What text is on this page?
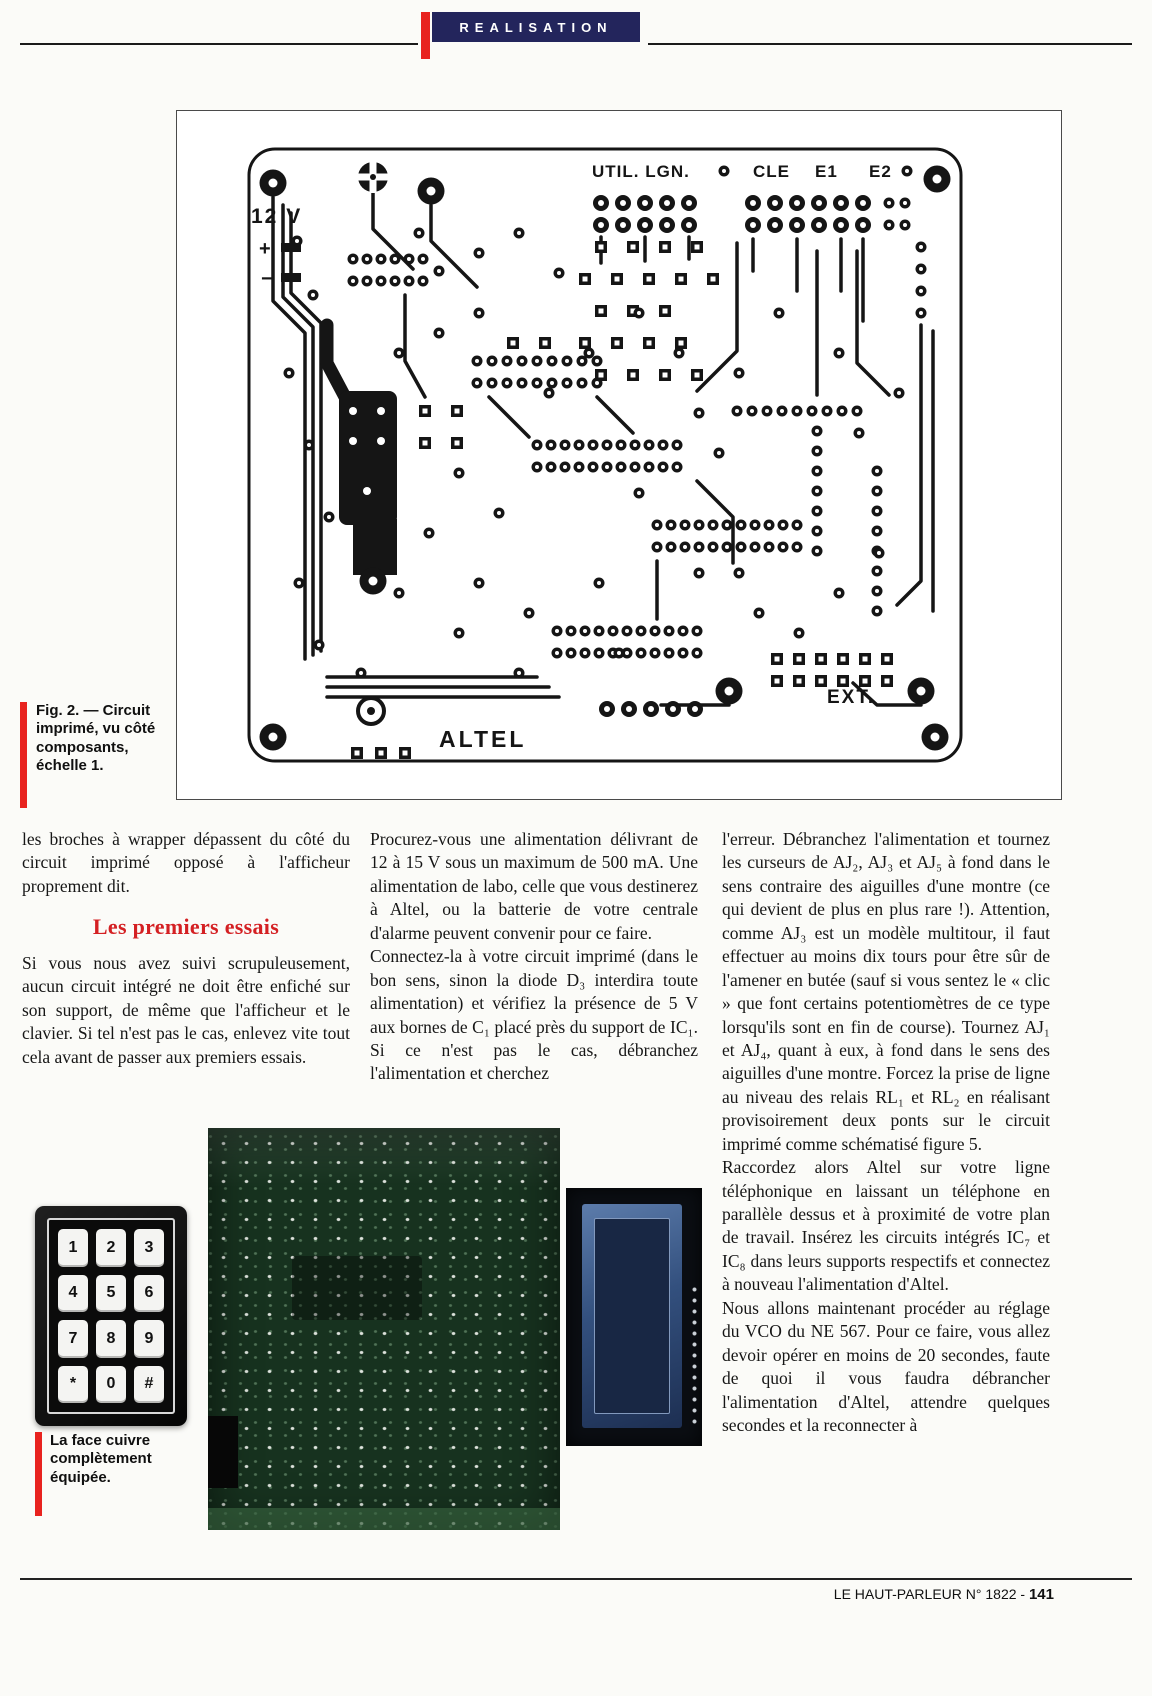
REALISATION
12 V
+
−
UTIL. LGN.	CLE E1 E2
EXT.
ALTEL
Fig. 2. — Circuit imprimé, vu côté composants, échelle 1.

les broches à wrapper dépassent du côté du circuit imprimé opposé à l'afficheur proprement dit.

Les premiers essais

Si vous nous avez suivi scrupuleusement, aucun circuit intégré ne doit être enfiché sur son support, de même que l'afficheur et le clavier. Si tel n'est pas le cas, enlevez vite tout cela avant de passer aux premiers essais.

Procurez-vous une alimentation délivrant de 12 à 15 V sous un maximum de 500 mA. Une alimentation de labo, celle que vous destinerez à Altel, ou la batterie de votre centrale d'alarme peuvent convenir pour ce faire.

Connectez-la à votre circuit imprimé (dans le bon sens, sinon la diode D₃ interdira toute alimentation) et vérifiez la présence de 5 V aux bornes de C₁ placé près du support de IC₁. Si ce n'est pas le cas, débranchez l'alimentation et cherchez

l'erreur. Débranchez l'alimentation et tournez les curseurs de AJ₂, AJ₃ et AJ₅ à fond dans le sens contraire des aiguilles d'une montre (ce qui devient de plus en plus rare !). Attention, comme AJ₃ est un modèle multitour, il faut effectuer au moins dix tours pour être sûr de l'amener en butée (sauf si vous sentez le « clic » que font certains potentiomètres de ce type lorsqu'ils sont en fin de course). Tournez AJ₁ et AJ₄, quant à eux, à fond dans le sens des aiguilles d'une montre. Forcez la prise de ligne au niveau des relais RL₁ et RL₂ en réalisant provisoirement deux ponts sur le circuit imprimé comme schématisé figure 5.

Raccordez alors Altel sur votre ligne téléphonique en laissant un téléphone en parallèle dessus et à proximité de votre plan de travail. Insérez les circuits intégrés IC₇ et IC₈ dans leurs supports respectifs et connectez à nouveau l'alimentation d'Altel.

Nous allons maintenant procéder au réglage du VCO du NE 567. Pour ce faire, vous allez devoir opérer en moins de 20 secondes, faute de quoi il vous faudra débrancher l'alimentation d'Altel, attendre quelques secondes et la reconnecter à

1	2	3
4	5	6
7	8	9
*	0	#
La face cuivre complètement équipée.
LE HAUT-PARLEUR N° 1822 - 141
